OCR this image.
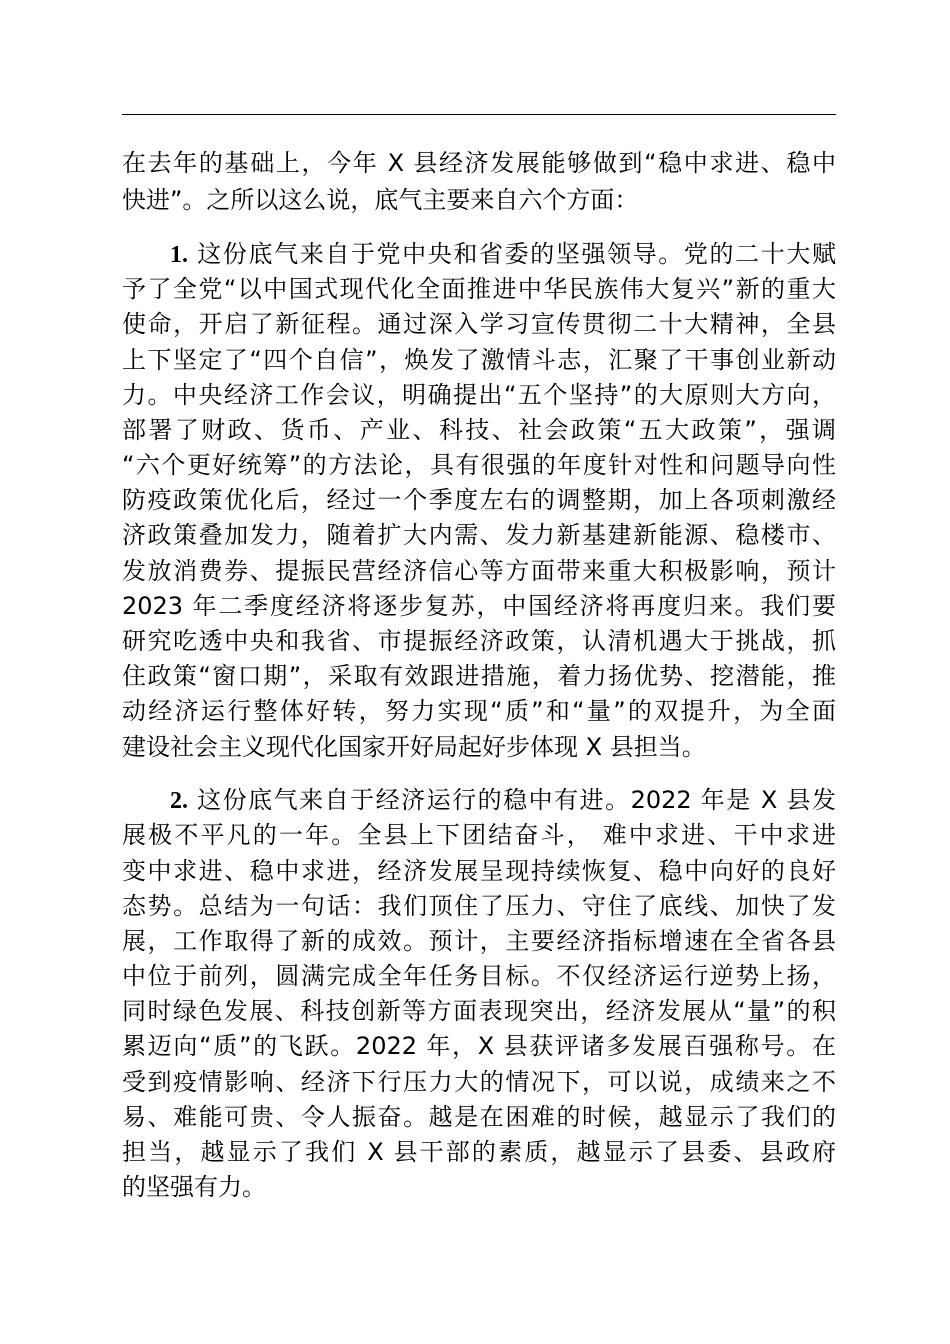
在去年的基础上，今年 X 县经济发展能够做到“稳中求进、稳中
快进”。之所以这么说，底气主要来自六个方面：
1. 这份底气来自于党中央和省委的坚强领导。党的二十大赋
予了全党“以中国式现代化全面推进中华民族伟大复兴”新的重大
使命，开启了新征程。通过深入学习宣传贯彻二十大精神，全县
上下坚定了“四个自信”，焕发了激情斗志，汇聚了干事创业新动
力。中央经济工作会议，明确提出“五个坚持”的大原则大方向，
部署了财政、货币、产业、科技、社会政策“五大政策”，强调
“六个更好统筹”的方法论，具有很强的年度针对性和问题导向性
防疫政策优化后，经过一个季度左右的调整期，加上各项刺激经
济政策叠加发力，随着扩大内需、发力新基建新能源、稳楼市、
发放消费券、提振民营经济信心等方面带来重大积极影响，预计
2023 年二季度经济将逐步复苏，中国经济将再度归来。我们要
研究吃透中央和我省、市提振经济政策，认清机遇大于挑战，抓
住政策“窗口期”，采取有效跟进措施，着力扬优势、挖潜能，推
动经济运行整体好转，努力实现“质”和“量”的双提升，为全面
建设社会主义现代化国家开好局起好步体现 X 县担当。
2. 这份底气来自于经济运行的稳中有进。2022 年是 X 县发
展极不平凡的一年。全县上下团结奋斗， 难中求进、干中求进
变中求进、稳中求进，经济发展呈现持续恢复、稳中向好的良好
态势。总结为一句话：我们顶住了压力、守住了底线、加快了发
展，工作取得了新的成效。预计，主要经济指标增速在全省各县
中位于前列，圆满完成全年任务目标。不仅经济运行逆势上扬，
同时绿色发展、科技创新等方面表现突出，经济发展从“量”的积
累迈向“质”的飞跃。2022 年，X 县获评诸多发展百强称号。在
受到疫情影响、经济下行压力大的情况下，可以说，成绩来之不
易、难能可贵、令人振奋。越是在困难的时候，越显示了我们的
担当，越显示了我们 X 县干部的素质，越显示了县委、县政府
的坚强有力。
